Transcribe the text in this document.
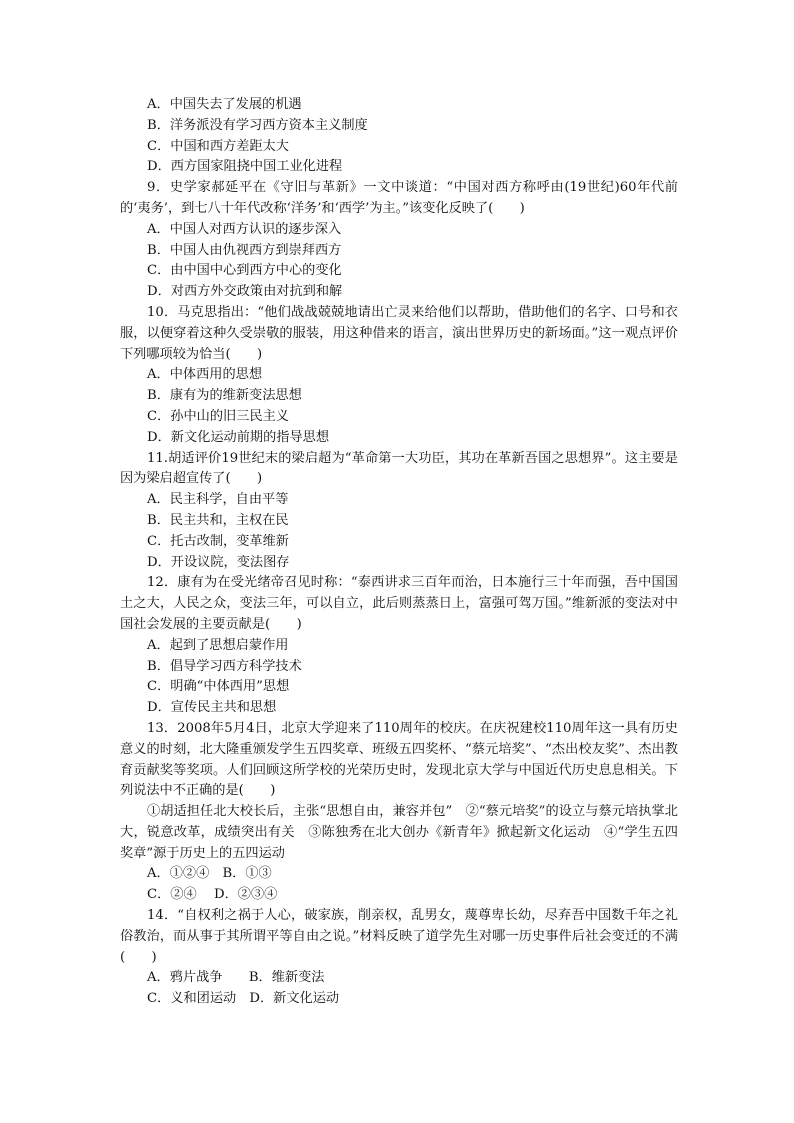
A．中国失去了发展的机遇
B．洋务派没有学习西方资本主义制度
C．中国和西方差距太大
D．西方国家阻挠中国工业化进程
9．史学家郝延平在《守旧与革新》一文中谈道：“中国对西方称呼由(19世纪)60年代前的‘夷务’，到七八十年代改称‘洋务’和‘西学’为主。”该变化反映了(　　)
A．中国人对西方认识的逐步深入
B．中国人由仇视西方到崇拜西方
C．由中国中心到西方中心的变化
D．对西方外交政策由对抗到和解
10．马克思指出：“他们战战兢兢地请出亡灵来给他们以帮助，借助他们的名字、口号和衣服，以便穿着这种久受崇敬的服装，用这种借来的语言，演出世界历史的新场面。”这一观点评价下列哪项较为恰当(　　)
A．中体西用的思想
B．康有为的维新变法思想
C．孙中山的旧三民主义
D．新文化运动前期的指导思想
11.胡适评价19世纪末的梁启超为“革命第一大功臣，其功在革新吾国之思想界”。这主要是因为梁启超宣传了(　　)
A．民主科学，自由平等
B．民主共和，主权在民
C．托古改制，变革维新
D．开设议院，变法图存
12．康有为在受光绪帝召见时称：“泰西讲求三百年而治，日本施行三十年而强，吾中国国土之大，人民之众，变法三年，可以自立，此后则蒸蒸日上，富强可驾万国。”维新派的变法对中国社会发展的主要贡献是(　　)
A．起到了思想启蒙作用
B．倡导学习西方科学技术
C．明确“中体西用”思想
D．宣传民主共和思想
13．2008年5月4日，北京大学迎来了110周年的校庆。在庆祝建校110周年这一具有历史意义的时刻，北大隆重颁发学生五四奖章、班级五四奖杯、“蔡元培奖”、“杰出校友奖”、杰出教育贡献奖等奖项。人们回顾这所学校的光荣历史时，发现北京大学与中国近代历史息息相关。下列说法中不正确的是(　　)
①胡适担任北大校长后，主张“思想自由，兼容并包”　②“蔡元培奖”的设立与蔡元培执掌北大，锐意改革，成绩突出有关　③陈独秀在北大创办《新青年》掀起新文化运动　④“学生五四奖章”源于历史上的五四运动
A．①②④　B．①③
C．②④　 D．②③④
14．“自权利之祸于人心，破家族，削亲权，乱男女，蔑尊卑长幼，尽弃吾中国数千年之礼俗教治，而从事于其所谓平等自由之说。”材料反映了道学先生对哪一历史事件后社会变迁的不满(　　)
A．鸦片战争　　B．维新变法
C．义和团运动　D．新文化运动
